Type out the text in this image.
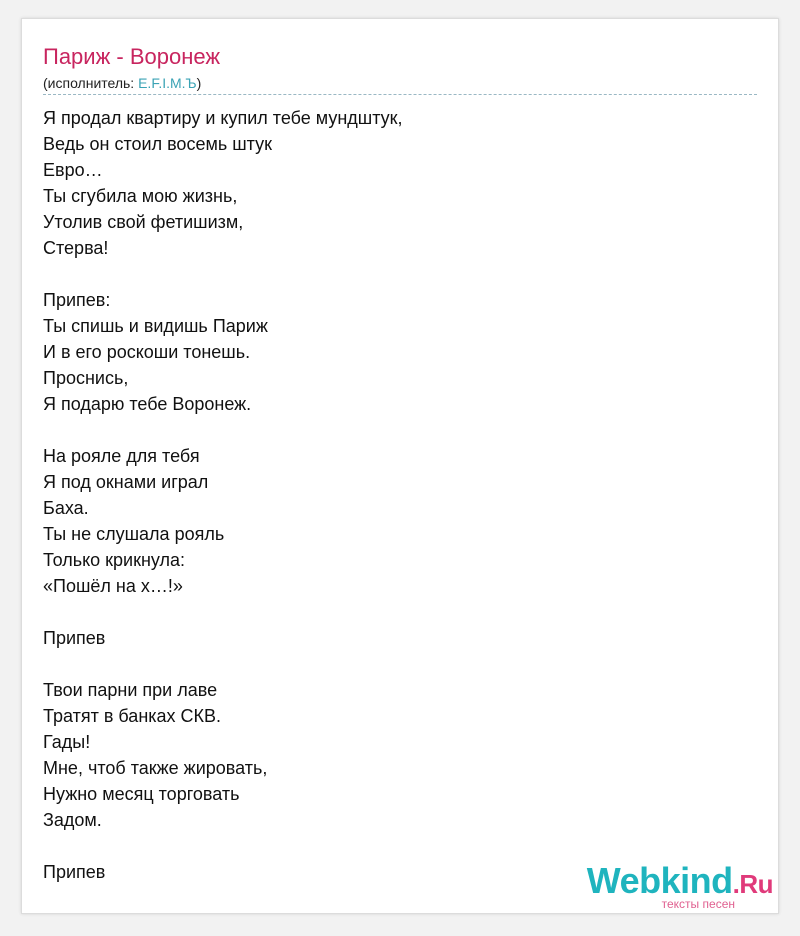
Париж - Воронеж
(исполнитель: E.F.I.M.Ъ)
Я продал квартиру и купил тебе мундштук,
Ведь он стоил восемь штук
Евро…
Ты сгубила мою жизнь,
Утолив свой фетишизм,
Стерва!
Припев:
Ты спишь и видишь Париж
И в его роскоши тонешь.
Проснись,
Я подарю тебе Воронеж.
На рояле для тебя
Я под окнами играл
Баха.
Ты не слушала рояль
Только крикнула:
«Пошёл на х…!»
Припев
Твои парни при лаве
Тратят в банках СКВ.
Гады!
Мне, чтоб также жировать,
Нужно месяц торговать
Задом.
Припев	Webkind.Ru
тексты песен
